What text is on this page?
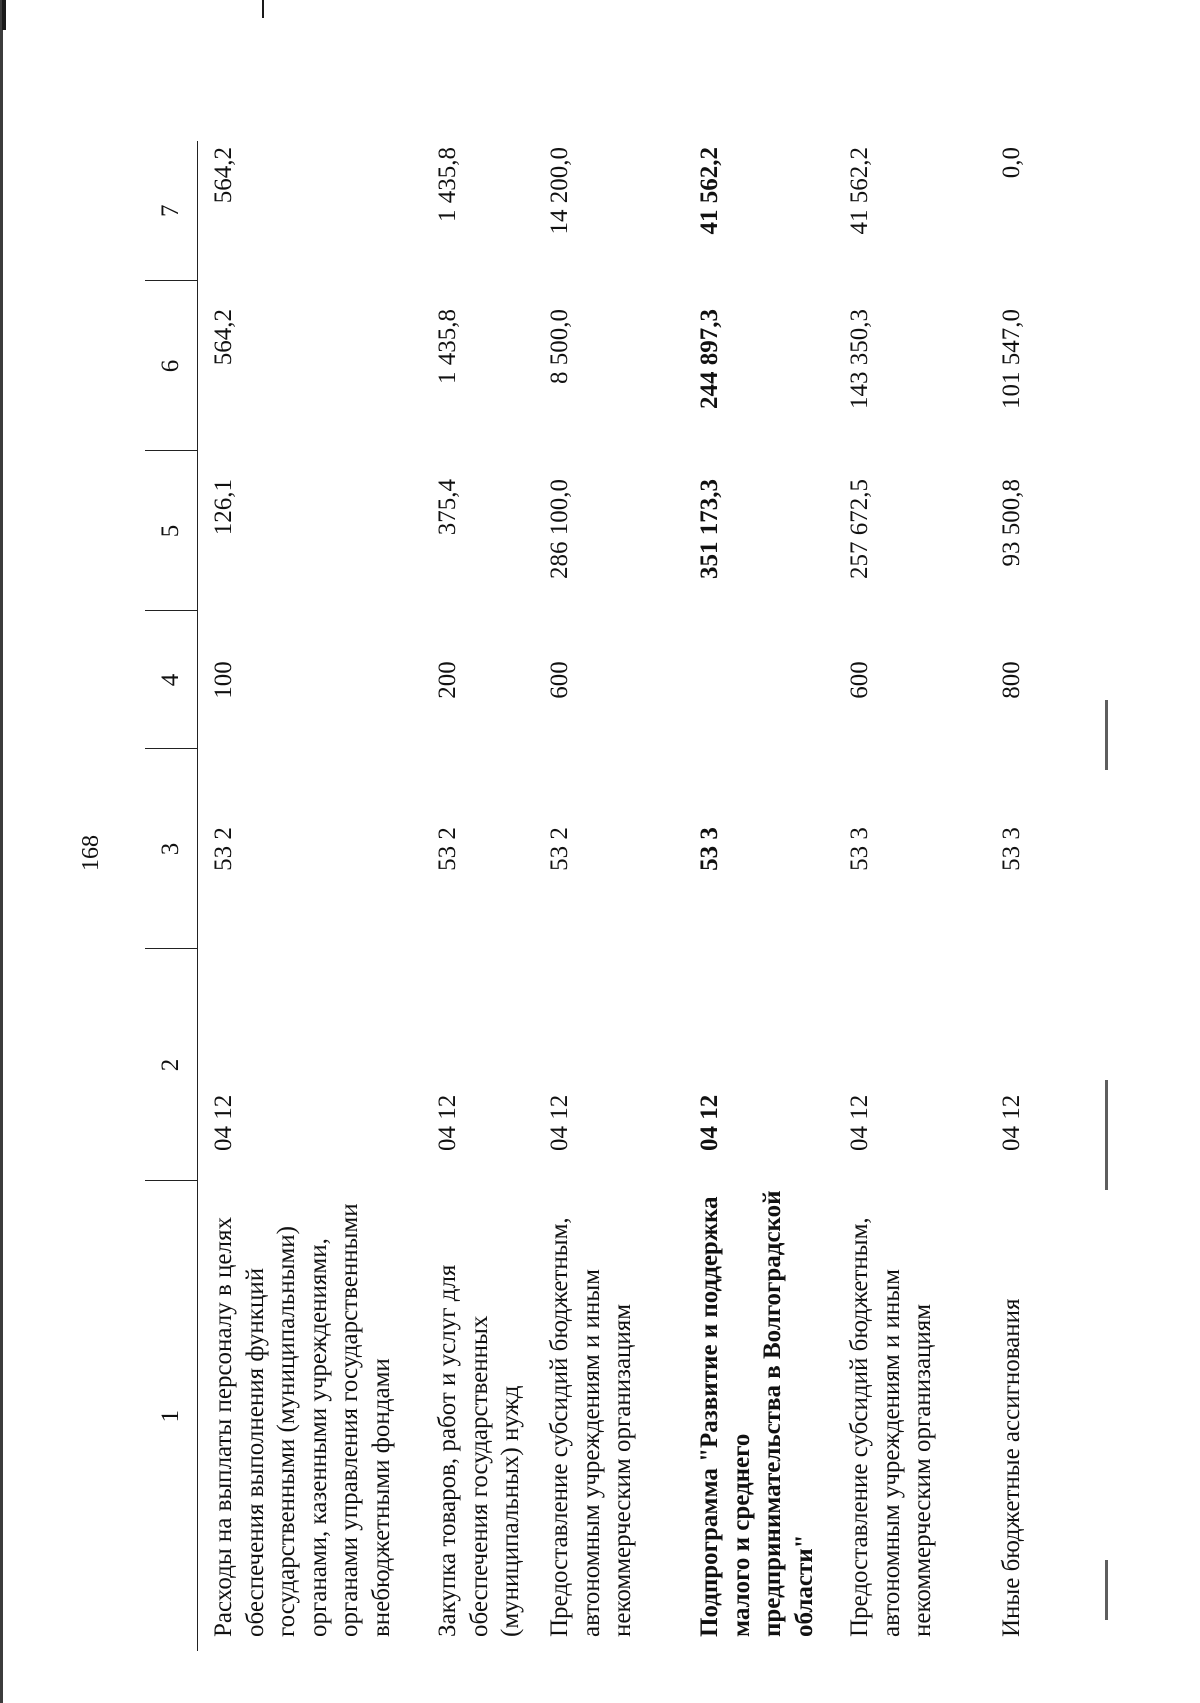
168
1	2	3	4	5	6	7
Расходы на выплаты персоналу в целях обеспечения выполнения функций государственными (муниципальными) органами, казенными учреждениями, органами управления государственными внебюджетными фондами	04 12	53 2	100	126,1	564,2	564,2
Закупка товаров, работ и услуг для обеспечения государственных (муниципальных) нужд	04 12	53 2	200	375,4	1 435,8	1 435,8
Предоставление субсидий бюджетным, автономным учреждениям и иным некоммерческим организациям	04 12	53 2	600	286 100,0	8 500,0	14 200,0
Подпрограмма "Развитие и поддержка малого и среднего предпринимательства в Волгоградской области"	04 12	53 3		351 173,3	244 897,3	41 562,2
Предоставление субсидий бюджетным, автономным учреждениям и иным некоммерческим организациям	04 12	53 3	600	257 672,5	143 350,3	41 562,2
Иные бюджетные ассигнования	04 12	53 3	800	93 500,8	101 547,0	0,0
